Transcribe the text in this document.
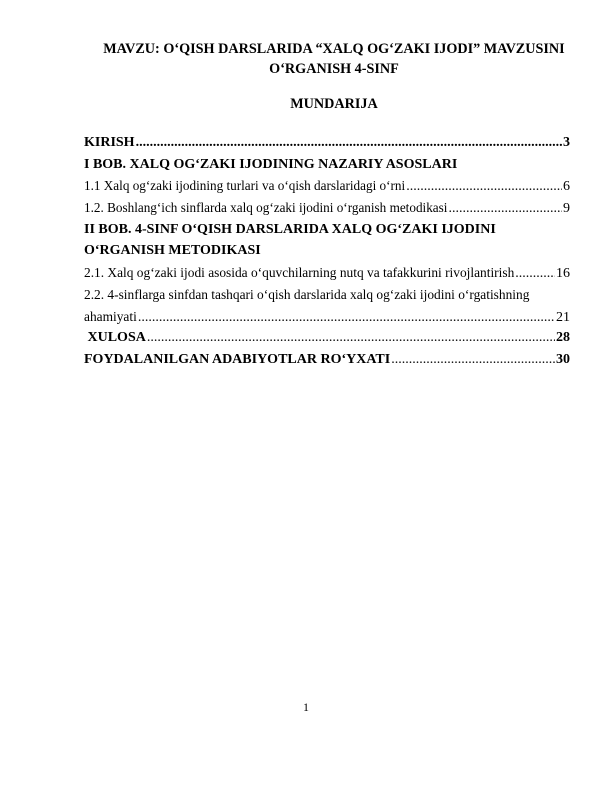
MAVZU: O‘QISH DARSLARIDA “XALQ OG‘ZAKI IJODI” MAVZUSINI
O‘RGANISH 4-SINF
MUNDARIJA
KIRISH .....	3
I BOB. XALQ OG‘ZAKI IJODINING NAZARIY ASOSLARI
1.1 Xalq og‘zaki ijodining turlari va o‘qish darslaridagi o‘rni .....	6
1.2. Boshlang‘ich sinflarda xalq og‘zaki ijodini o‘rganish metodikasi .....	9
II BOB. 4-SINF O‘QISH DARSLARIDA XALQ OG‘ZAKI IJODINI
O‘RGANISH METODIKASI
2.1. Xalq og‘zaki ijodi asosida o‘quvchilarning nutq va tafakkurini rivojlantirish .....	16
2.2. 4-sinflarga sinfdan tashqari o‘qish darslarida xalq og‘zaki ijodini o‘rgatishning
ahamiyati .....	21
XULOSA .....	28
FOYDALANILGAN ADABIYOTLAR RO‘YXATI .....	30
1
